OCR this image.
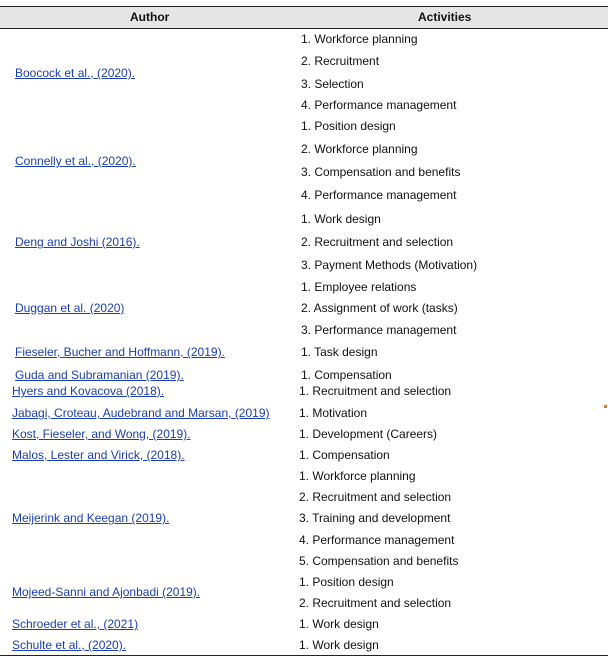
Author	Activities
Boocock et al., (2020).
Connelly et al., (2020).
Deng and Joshi (2016).
Duggan et al. (2020)
Fieseler, Bucher and Hoffmann, (2019).
Guda and Subramanian (2019).
Hyers and Kovacova (2018).
Jabagi, Croteau, Audebrand and Marsan, (2019)
Kost, Fieseler, and Wong, (2019).
Malos, Lester and Virick, (2018).
Meijerink and Keegan (2019).
Mojeed-Sanni and Ajonbadi (2019).
Schroeder et al., (2021)
Schulte et al., (2020).
1. Workforce planning
2. Recruitment
3. Selection
4. Performance management
1. Position design
2. Workforce planning
3. Compensation and benefits
4. Performance management
1. Work design
2. Recruitment and selection
3. Payment Methods (Motivation)
1. Employee relations
2. Assignment of work (tasks)
3. Performance management
1. Task design
1. Compensation
1. Recruitment and selection
1. Motivation
1. Development (Careers)
1. Compensation
1. Workforce planning
2. Recruitment and selection
3. Training and development
4. Performance management
5. Compensation and benefits
1. Position design
2. Recruitment and selection
1. Work design
1. Work design
